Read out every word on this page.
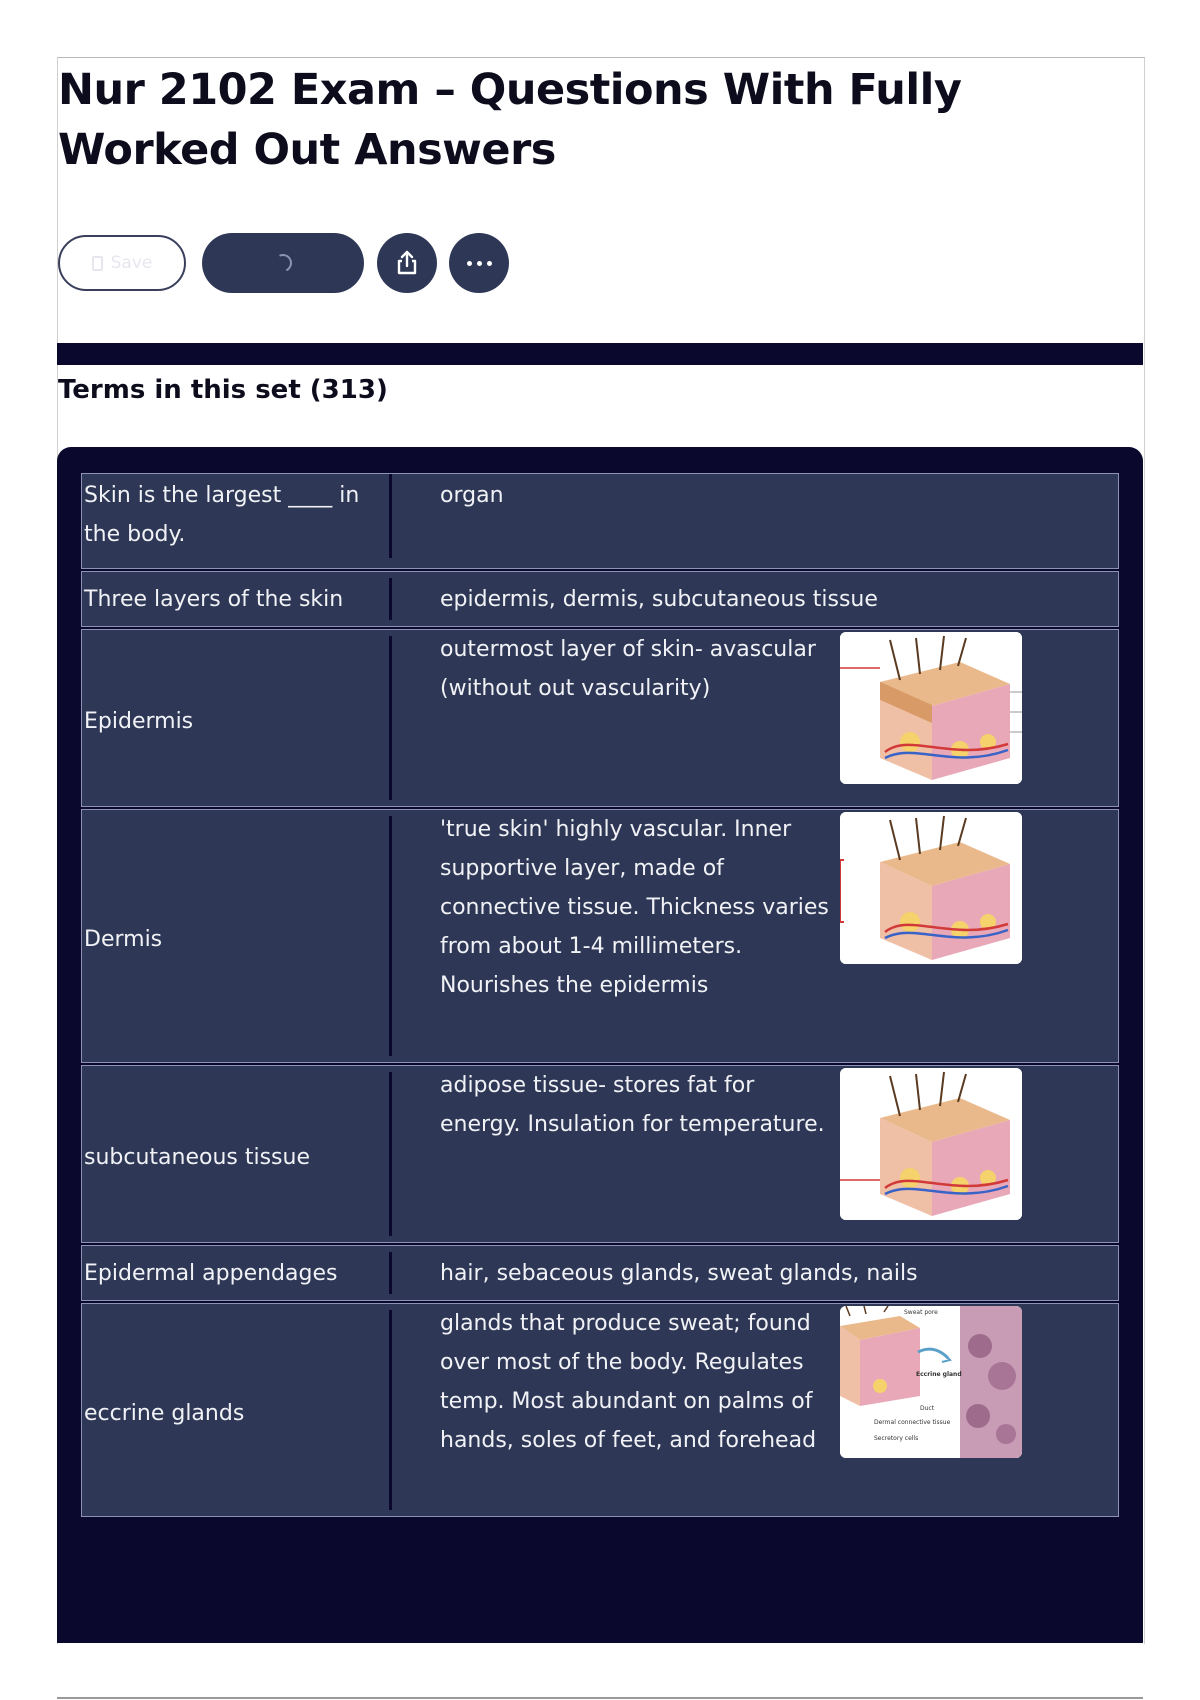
Nur 2102 Exam – Questions With Fully Worked Out Answers
Save
Terms in this set (313)
Skin is the largest ____ in the body.
organ
Three layers of the skin	epidermis, dermis, subcutaneous tissue
Epidermis
outermost layer of skin- avascular (without out vascularity)
Dermis
'true skin' highly vascular. Inner supportive layer, made of connective tissue. Thickness varies from about 1-4 millimeters. Nourishes the epidermis
subcutaneous tissue
adipose tissue- stores fat for energy. Insulation for temperature.
Epidermal appendages	hair, sebaceous glands, sweat glands, nails
eccrine glands
glands that produce sweat; found over most of the body. Regulates temp. Most abundant on palms of hands, soles of feet, and forehead
Sweat pore
Eccrine gland
Duct
Dermal connective tissue
Secretory cells
